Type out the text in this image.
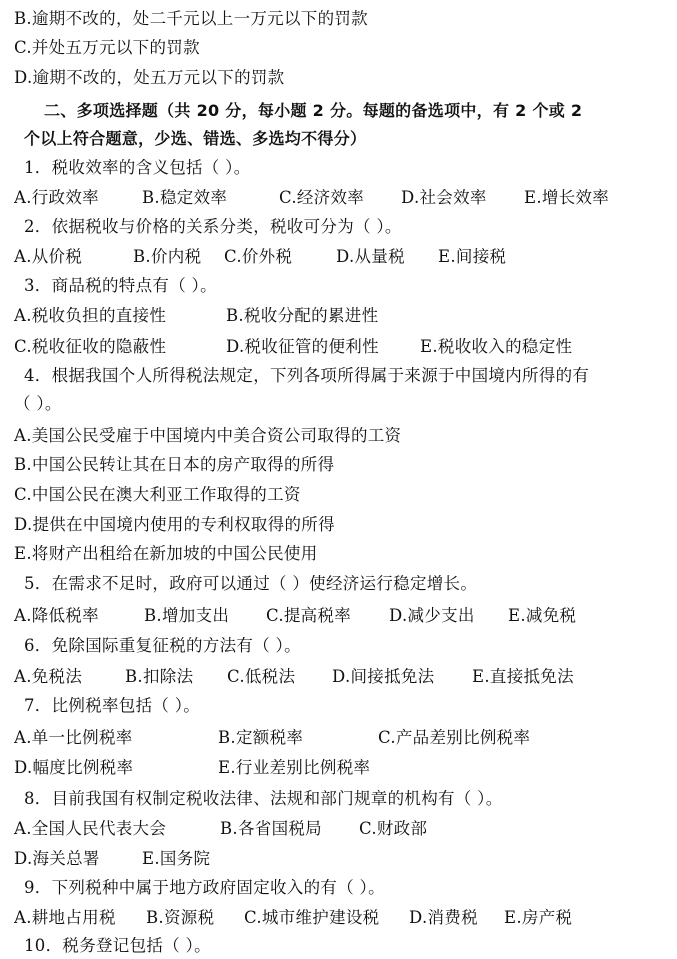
B.逾期不改的，处二千元以上一万元以下的罚款
C.并处五万元以下的罚款
D.逾期不改的，处五万元以下的罚款
二、多项选择题（共 20 分，每小题 2 分。每题的备选项中，有 2 个或 2
个以上符合题意，少选、错选、多选均不得分）
1．税收效率的含义包括（ ）。
A.行政效率	B.稳定效率	C.经济效率 D.社会效率 E.增长效率
2．依据税收与价格的关系分类，税收可分为（ ）。
A.从价税	B.价内税 C.价外税	D.从量税 E.间接税
3．商品税的特点有（ ）。
A.税收负担的直接性	B.税收分配的累进性
C.税收征收的隐蔽性	D.税收征管的便利性 E.税收收入的稳定性
4．根据我国个人所得税法规定，下列各项所得属于来源于中国境内所得的有
（ ）。
A.美国公民受雇于中国境内中美合资公司取得的工资
B.中国公民转让其在日本的房产取得的所得
C.中国公民在澳大利亚工作取得的工资
D.提供在中国境内使用的专利权取得的所得
E.将财产出租给在新加坡的中国公民使用
5．在需求不足时，政府可以通过（ ）使经济运行稳定增长。
A.降低税率	B.增加支出 C.提高税率 D.减少支出 E.减免税
6．免除国际重复征税的方法有（ ）。
A.免税法	B.扣除法 C.低税法 D.间接抵免法 E.直接抵免法
7．比例税率包括（ ）。
A.单一比例税率	B.定额税率	C.产品差别比例税率
D.幅度比例税率	E.行业差别比例税率
8．目前我国有权制定税收法律、法规和部门规章的机构有（ ）。
A.全国人民代表大会	B.各省国税局 C.财政部
D.海关总署	E.国务院
9．下列税种中属于地方政府固定收入的有（ ）。
A.耕地占用税 B.资源税 C.城市维护建设税 D.消费税 E.房产税
10．税务登记包括（ ）。
